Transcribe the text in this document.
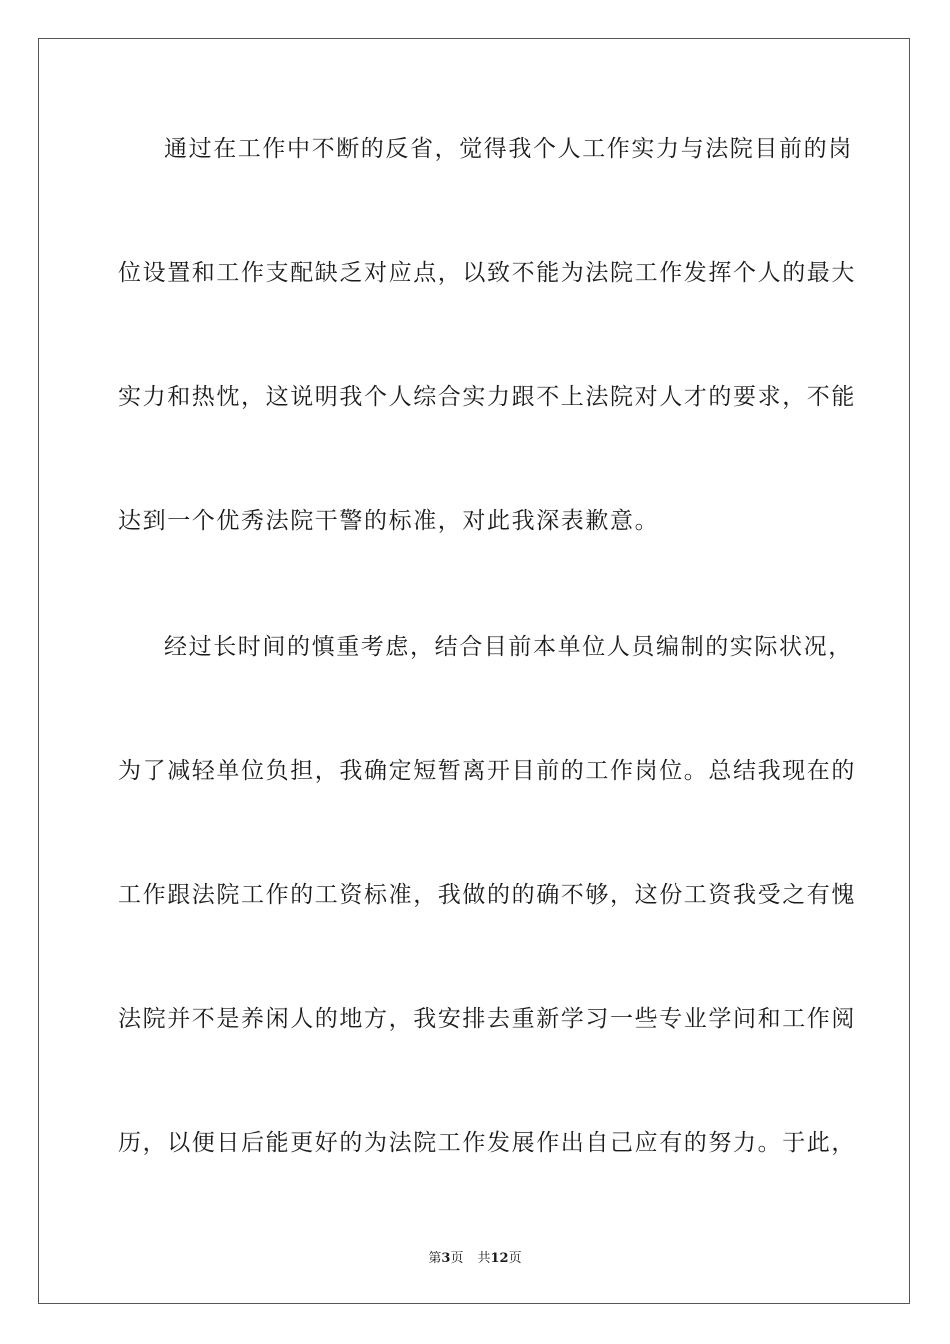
通过在工作中不断的反省，觉得我个人工作实力与法院目前的岗
位设置和工作支配缺乏对应点，以致不能为法院工作发挥个人的最大
实力和热忱，这说明我个人综合实力跟不上法院对人才的要求，不能
达到一个优秀法院干警的标准，对此我深表歉意。
经过长时间的慎重考虑，结合目前本单位人员编制的实际状况，
为了减轻单位负担，我确定短暂离开目前的工作岗位。总结我现在的
工作跟法院工作的工资标准，我做的的确不够，这份工资我受之有愧
法院并不是养闲人的地方，我安排去重新学习一些专业学问和工作阅
历，以便日后能更好的为法院工作发展作出自己应有的努力。于此，
第3页 共12页
